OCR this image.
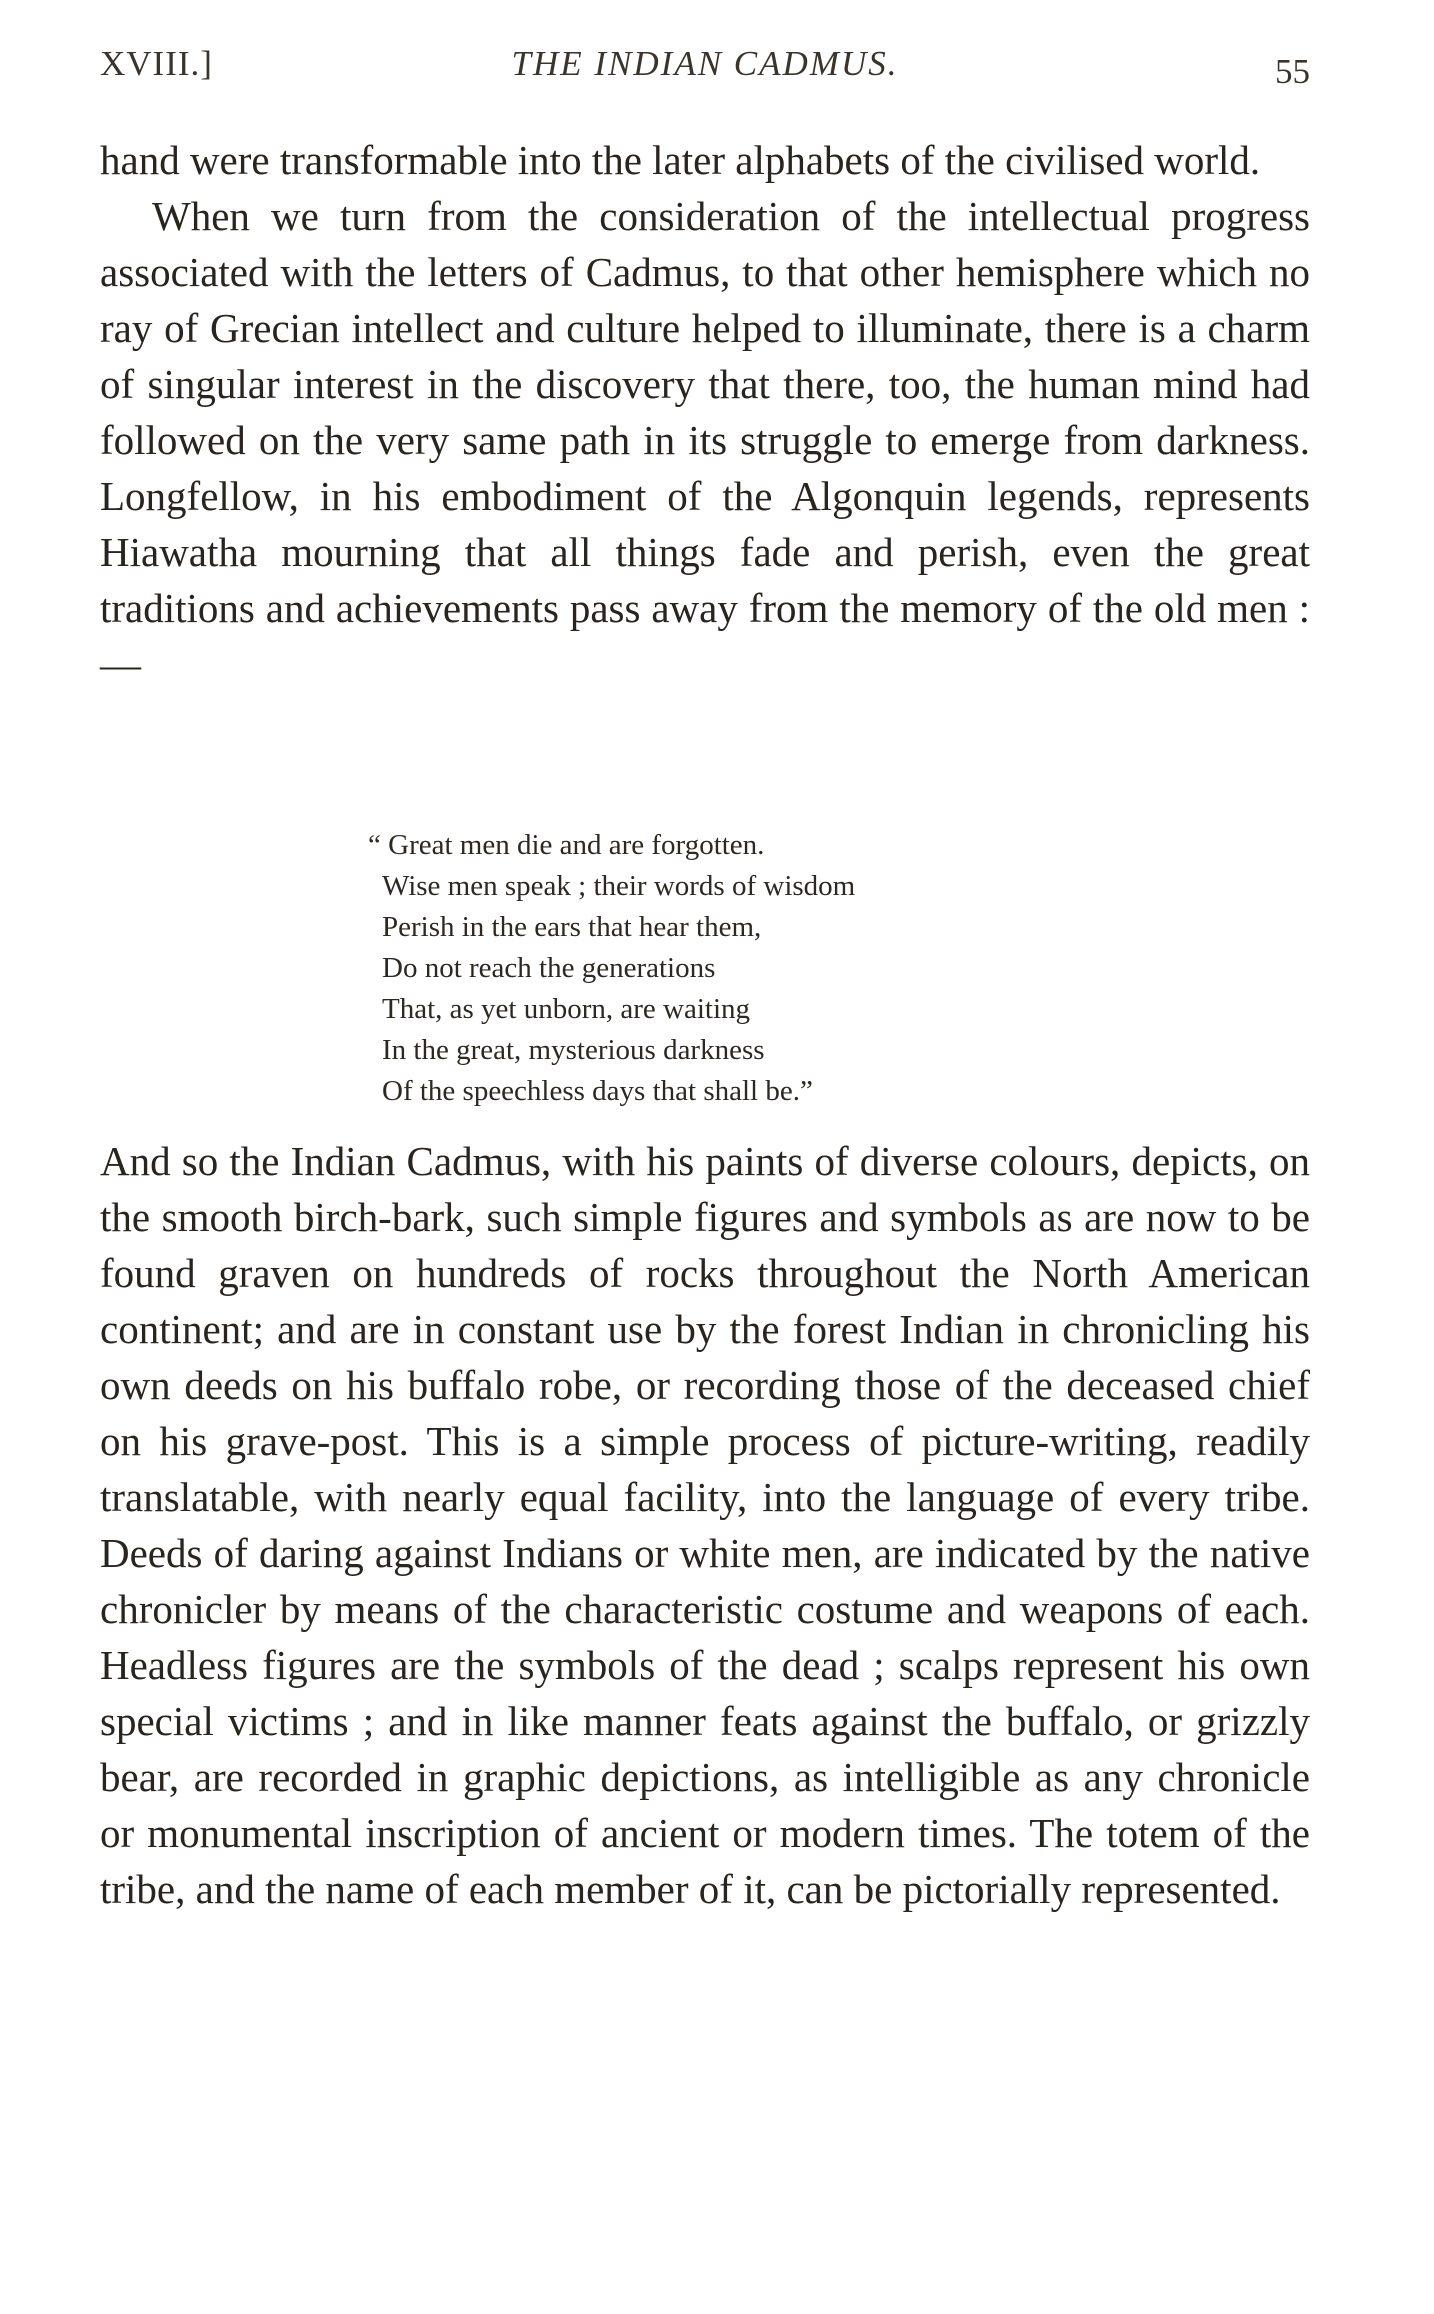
XVIII.]	THE INDIAN CADMUS.	55

hand were transformable into the later alphabets of the civilised world.

When we turn from the consideration of the intellectual progress associated with the letters of Cadmus, to that other hemisphere which no ray of Grecian intellect and culture helped to illuminate, there is a charm of singular interest in the discovery that there, too, the human mind had followed on the very same path in its struggle to emerge from darkness. Longfellow, in his embodiment of the Algonquin legends, represents Hiawatha mourning that all things fade and perish, even the great traditions and achievements pass away from the memory of the old men :—

“ Great men die and are forgotten.
Wise men speak ; their words of wisdom
Perish in the ears that hear them,
Do not reach the generations
That, as yet unborn, are waiting
In the great, mysterious darkness
Of the speechless days that shall be.”

And so the Indian Cadmus, with his paints of diverse colours, depicts, on the smooth birch-bark, such simple figures and symbols as are now to be found graven on hundreds of rocks throughout the North American continent; and are in constant use by the forest Indian in chronicling his own deeds on his buffalo robe, or recording those of the deceased chief on his grave-post. This is a simple process of picture-writing, readily translatable, with nearly equal facility, into the language of every tribe. Deeds of daring against Indians or white men, are indicated by the native chronicler by means of the characteristic costume and weapons of each. Headless figures are the symbols of the dead ; scalps represent his own special victims ; and in like manner feats against the buffalo, or grizzly bear, are recorded in graphic depictions, as intelligible as any chronicle or monumental inscription of ancient or modern times. The totem of the tribe, and the name of each member of it, can be pictorially represented.
